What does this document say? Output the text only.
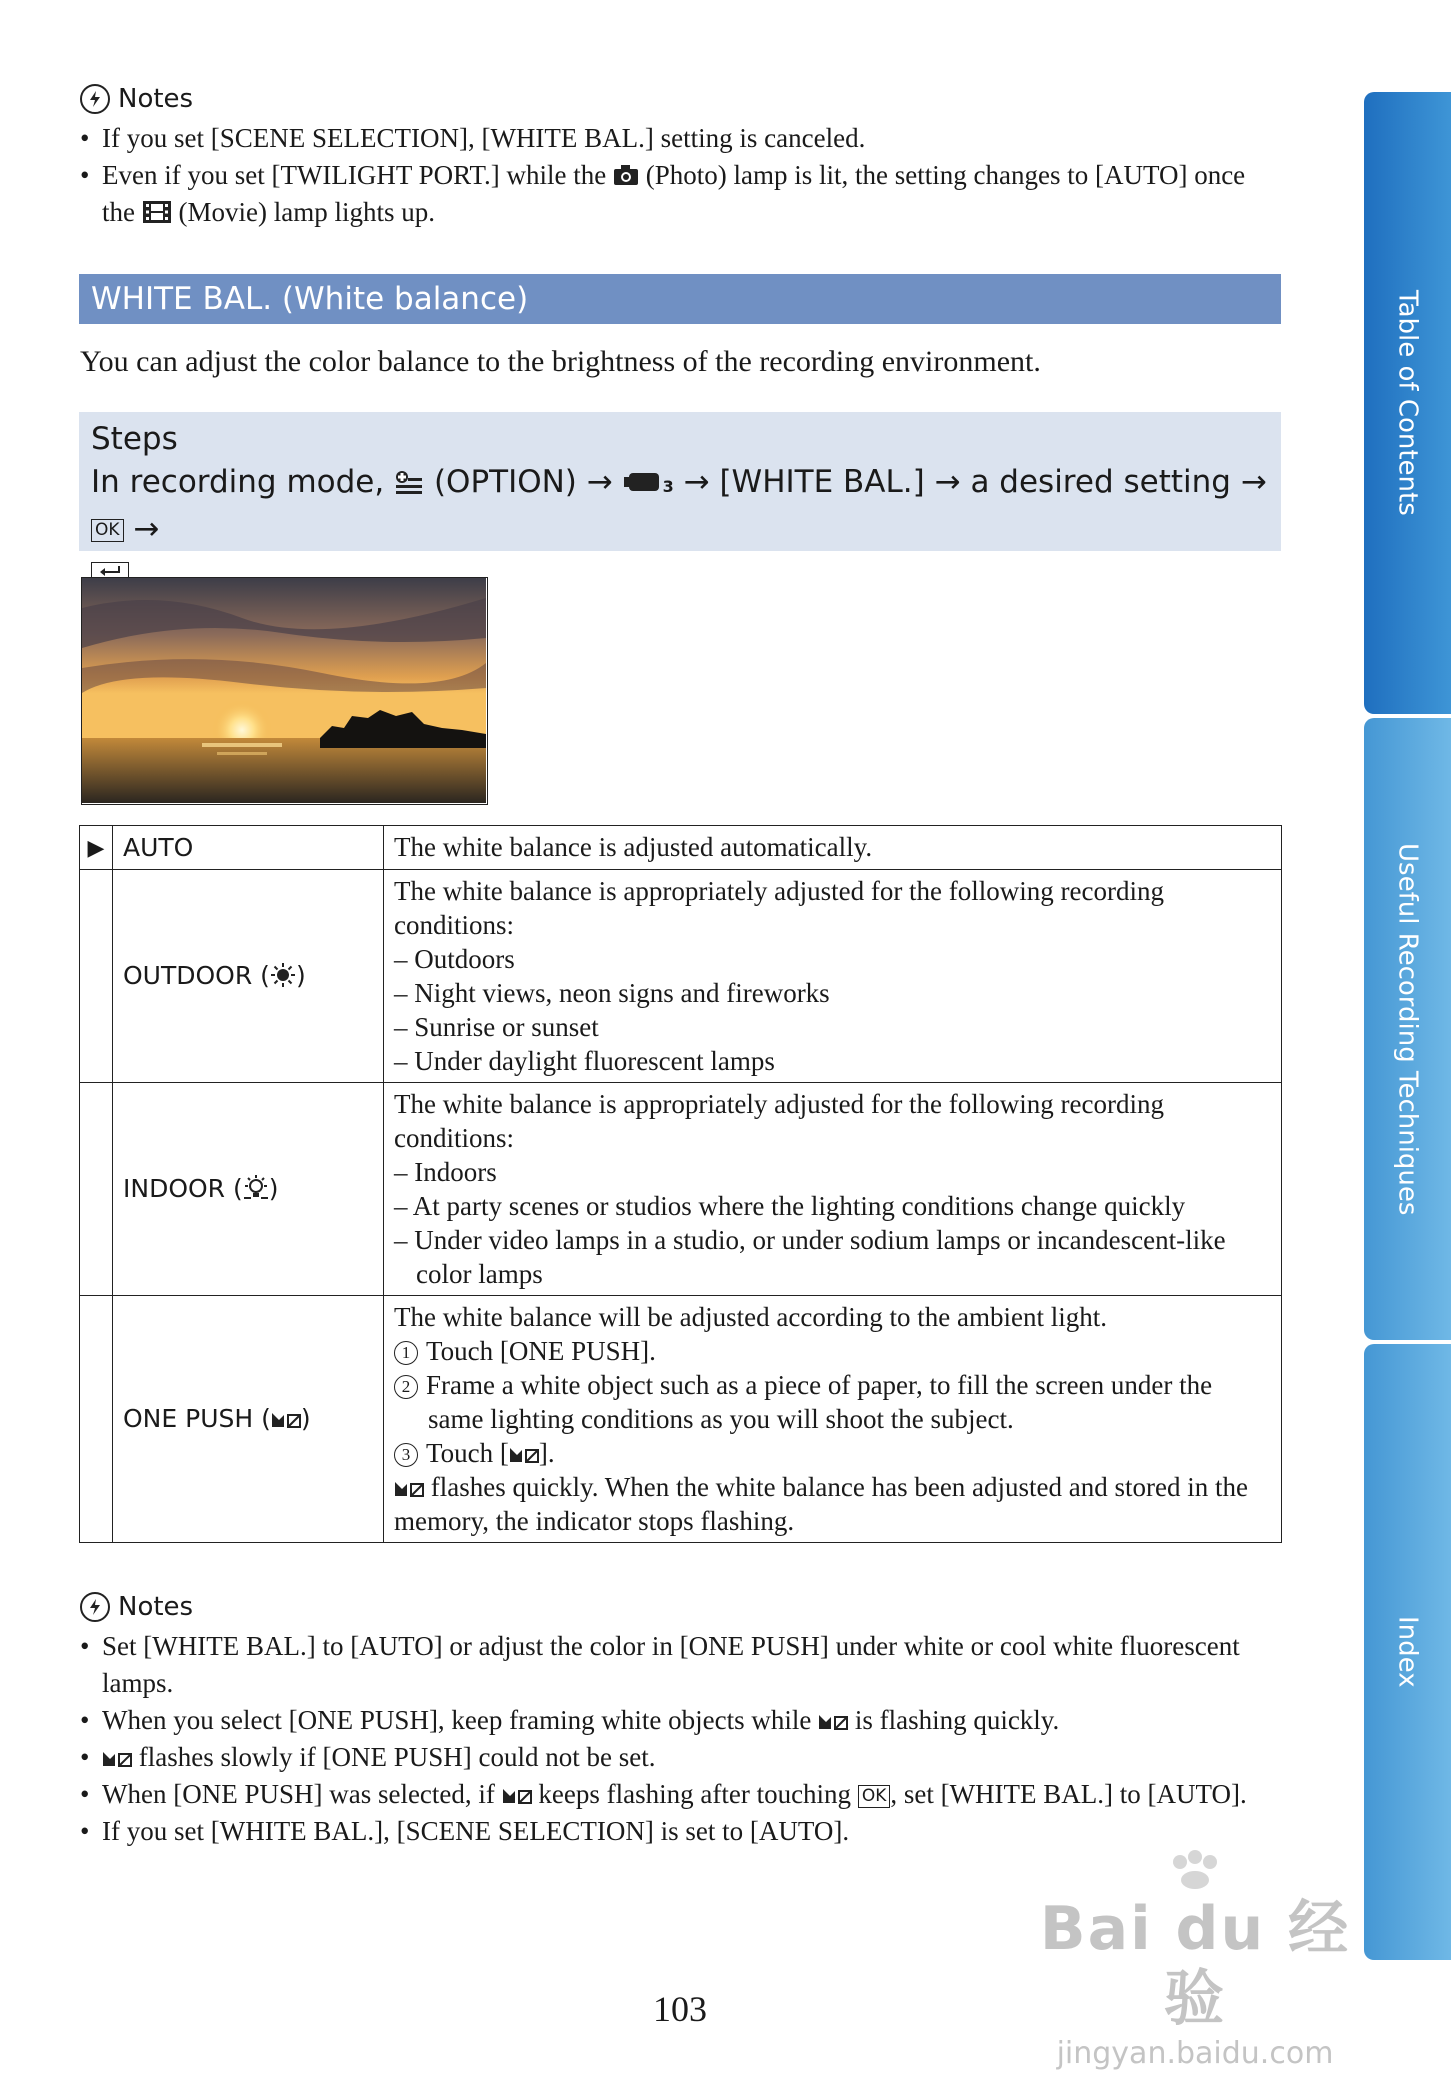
Notes
• If you set [SCENE SELECTION], [WHITE BAL.] setting is canceled.
• Even if you set [TWILIGHT PORT.] while the (Photo) lamp is lit, the setting changes to [AUTO] once the (Movie) lamp lights up.
WHITE BAL. (White balance)
You can adjust the color balance to the brightness of the recording environment.
Steps
In recording mode, (OPTION) →	3 → [WHITE BAL.] → a desired setting → OK →
▶	AUTO	The white balance is adjusted automatically.
	OUTDOOR ( )	The white balance is appropriately adjusted for the following recording conditions:
– Outdoors
– Night views, neon signs and fireworks
– Sunrise or sunset
– Under daylight fluorescent lamps

	INDOOR ( )	The white balance is appropriately adjusted for the following recording conditions:
– Indoors
– At party scenes or studios where the lighting conditions change quickly
– Under video lamps in a studio, or under sodium lamps or incandescent-like color lamps

	ONE PUSH ( )	The white balance will be adjusted according to the ambient light.
1 Touch [ONE PUSH].
2 Frame a white object such as a piece of paper, to fill the screen under the same lighting conditions as you will shoot the subject.
3 Touch [ ].
flashes quickly. When the white balance has been adjusted and stored in the memory, the indicator stops flashing.
Notes
• Set [WHITE BAL.] to [AUTO] or adjust the color in [ONE PUSH] under white or cool white fluorescent lamps.
• When you select [ONE PUSH], keep framing white objects while is flashing quickly.
• flashes slowly if [ONE PUSH] could not be set.
• When [ONE PUSH] was selected, if keeps flashing after touching OK , set [WHITE BAL.] to [AUTO].
• If you set [WHITE BAL.], [SCENE SELECTION] is set to [AUTO].
103
Table of Contents
Useful Recording Techniques
Index
Bai du 经验
jingyan.baidu.com
